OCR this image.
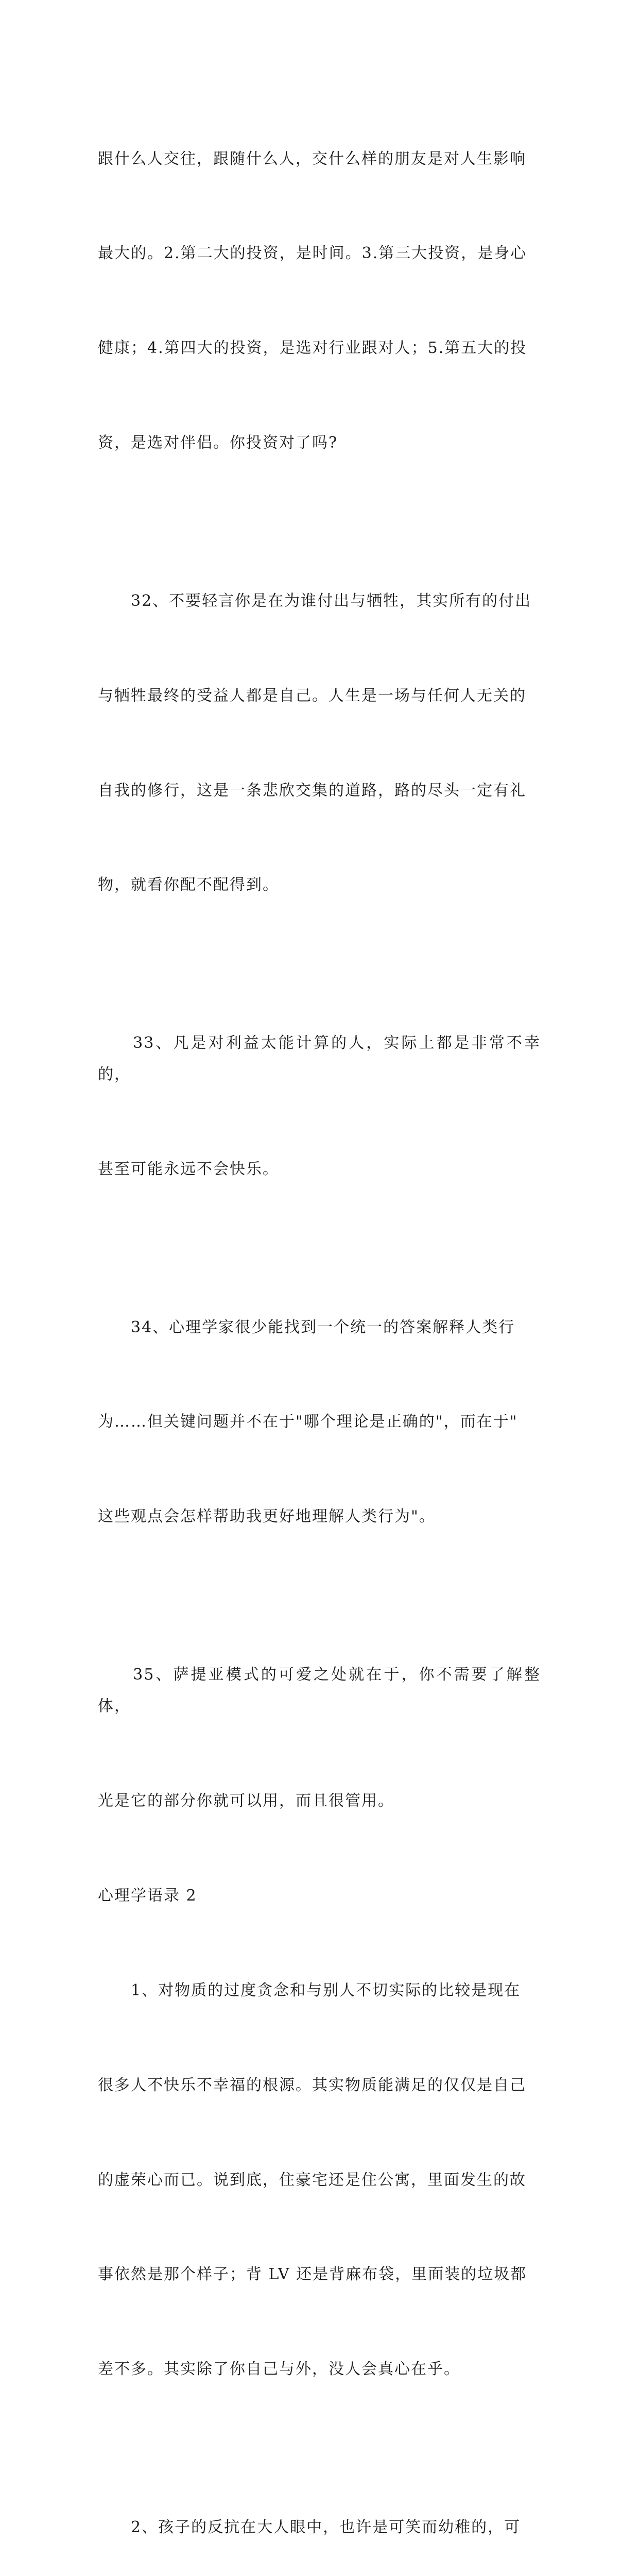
跟什么人交往，跟随什么人，交什么样的朋友是对人生影响

最大的。2.第二大的投资，是时间。3.第三大投资，是身心

健康；4.第四大的投资，是选对行业跟对人；5.第五大的投

资，是选对伴侣。你投资对了吗?

　　32、不要轻言你是在为谁付出与牺牲，其实所有的付出

与牺牲最终的受益人都是自己。人生是一场与任何人无关的

自我的修行，这是一条悲欣交集的道路，路的尽头一定有礼

物，就看你配不配得到。

　　33、凡是对利益太能计算的人，实际上都是非常不幸的，

甚至可能永远不会快乐。

　　34、心理学家很少能找到一个统一的答案解释人类行

为……但关键问题并不在于"哪个理论是正确的"，而在于"

这些观点会怎样帮助我更好地理解人类行为"。

　　35、萨提亚模式的可爱之处就在于，你不需要了解整体，

光是它的部分你就可以用，而且很管用。

心理学语录 2

　　1、对物质的过度贪念和与别人不切实际的比较是现在

很多人不快乐不幸福的根源。其实物质能满足的仅仅是自己

的虚荣心而已。说到底，住豪宅还是住公寓，里面发生的故

事依然是那个样子；背 LV 还是背麻布袋，里面装的垃圾都

差不多。其实除了你自己与外，没人会真心在乎。

　　2、孩子的反抗在大人眼中，也许是可笑而幼稚的，可
